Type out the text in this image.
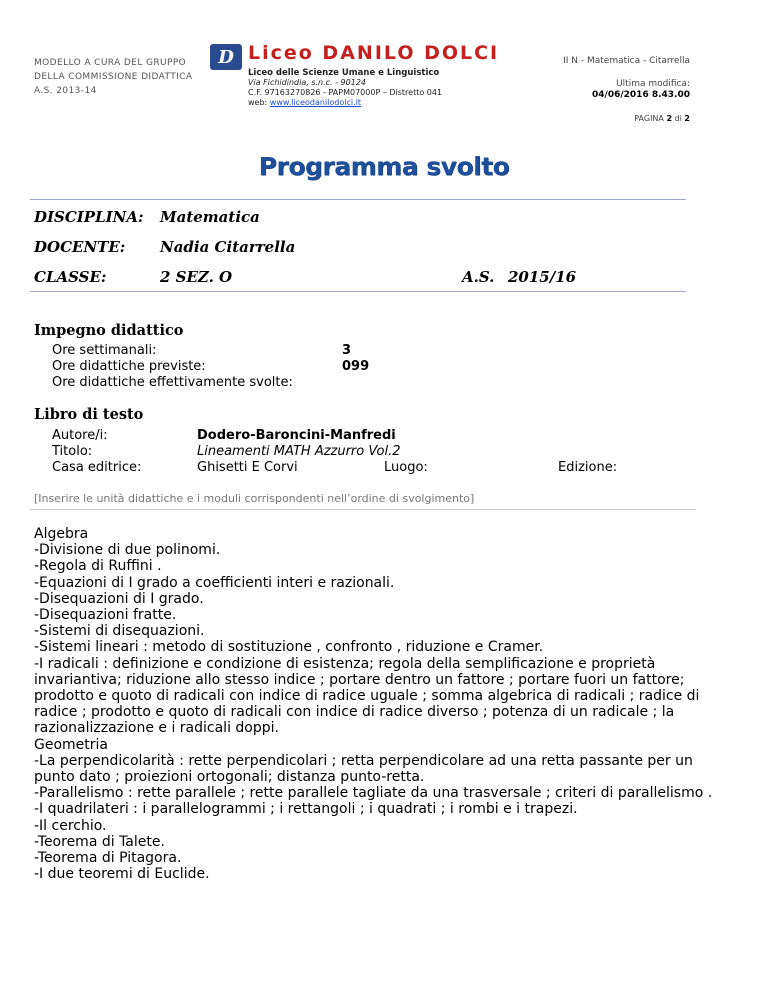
MODELLO A CURA DEL GRUPPO
DELLA COMMISSIONE DIDATTICA
A.S. 2013-14
D Liceo DANILO DOLCI
Liceo delle Scienze Umane e Linguistico
Via Fichidindia, s.n.c. - 90124
C.F. 97163270826 - PAPM07000P – Distretto 041
web: www.liceodanilodolci.it
II N - Matematica - Citarrella
Ultima modifica:
04/06/2016 8.43.00
PAGINA 2 di 2
Programma svolto
DISCIPLINA: Matematica
DOCENTE: Nadia Citarrella
CLASSE:	2 SEZ. O	A.S. 2015/16
Impegno didattico
Ore settimanali:	3
Ore didattiche previste:	099
Ore didattiche effettivamente svolte:
Libro di testo
Autore/i:	Dodero-Baroncini-Manfredi
Titolo:	Lineamenti MATH Azzurro Vol.2
Casa editrice:	Ghisetti E Corvi	Luogo:	Edizione:
[Inserire le unità didattiche e i moduli corrispondenti nell’ordine di svolgimento]
Algebra
-Divisione di due polinomi.
-Regola di Ruffini .
-Equazioni di I grado a coefficienti interi e razionali.
-Disequazioni di I grado.
-Disequazioni fratte.
-Sistemi di disequazioni.
-Sistemi lineari : metodo di sostituzione , confronto , riduzione e Cramer.
-I radicali : definizione e condizione di esistenza; regola della semplificazione e proprietà invariantiva; riduzione allo stesso indice ; portare dentro un fattore ; portare fuori un fattore; prodotto e quoto di radicali con indice di radice uguale ; somma algebrica di radicali ; radice di radice ; prodotto e quoto di radicali con indice di radice diverso ; potenza di un radicale ; la razionalizzazione e i radicali doppi.
Geometria
-La perpendicolarità : rette perpendicolari ; retta perpendicolare ad una retta passante per un punto dato ; proiezioni ortogonali; distanza punto-retta.
-Parallelismo : rette parallele ; rette parallele tagliate da una trasversale ; criteri di parallelismo .
-I quadrilateri : i parallelogrammi ; i rettangoli ; i quadrati ; i rombi e i trapezi.
-Il cerchio.
-Teorema di Talete.
-Teorema di Pitagora.
-I due teoremi di Euclide.
